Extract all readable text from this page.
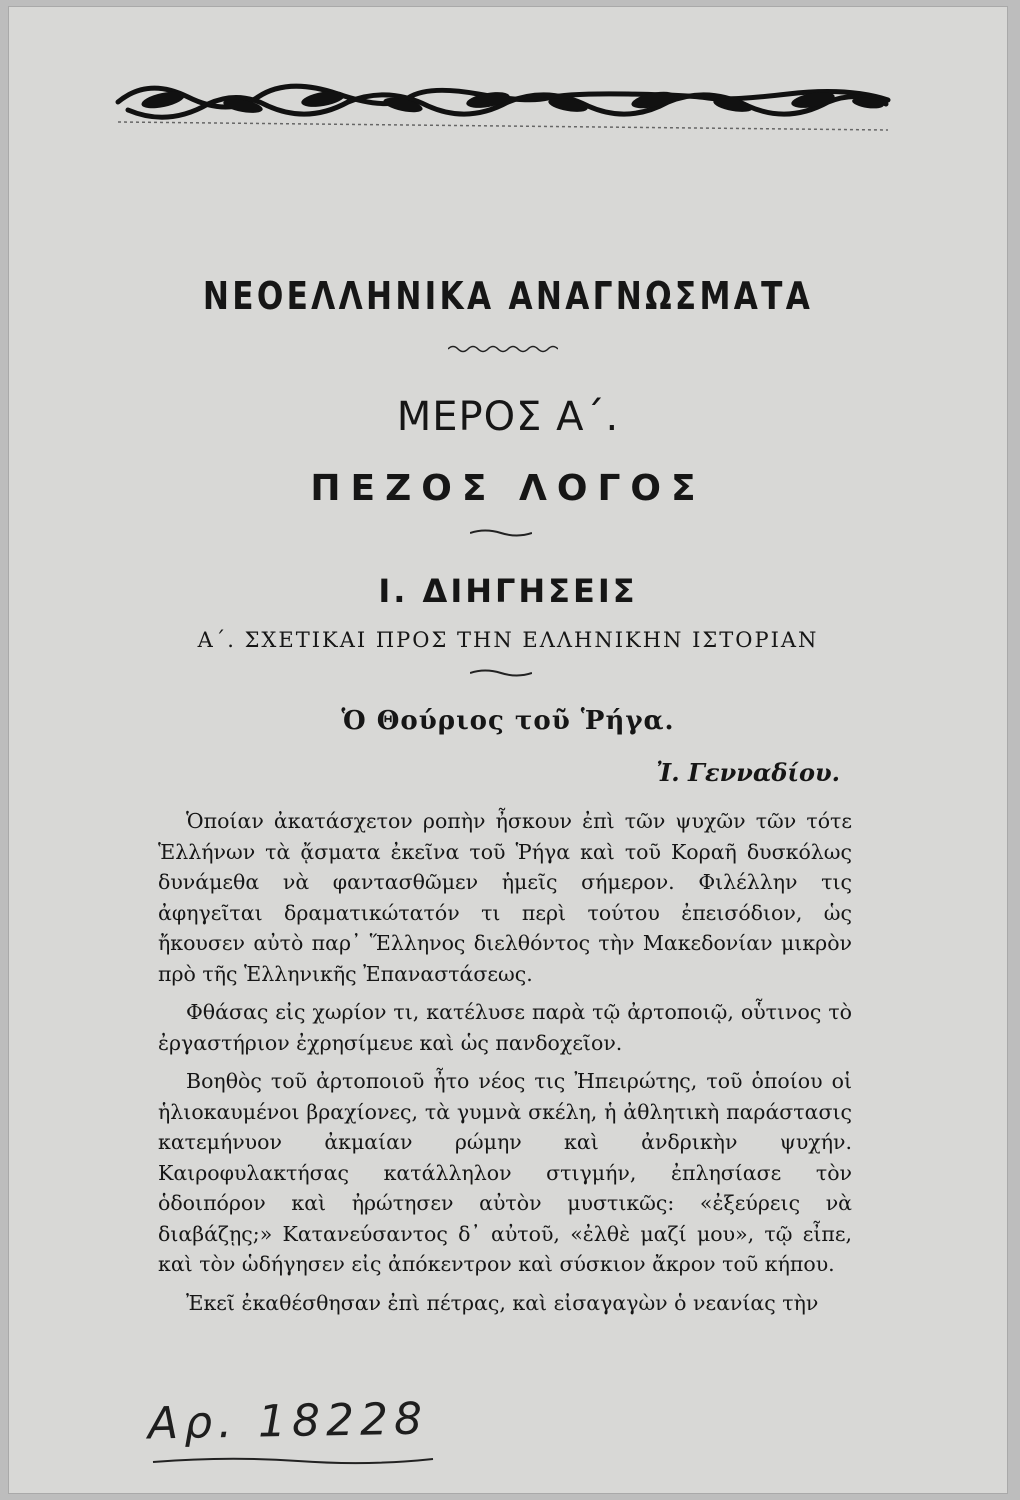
ΝΕΟΕΛΛΗΝΙΚΑ ΑΝΑΓΝΩΣΜΑΤΑ
ΜΕΡΟΣ Α΄.
ΠΕΖΟΣ ΛΟΓΟΣ
Ι. ΔΙΗΓΗΣΕΙΣ
Α΄. ΣΧΕΤΙΚΑΙ ΠΡΟΣ ΤΗΝ ΕΛΛΗΝΙΚΗΝ ΙΣΤΟΡΙΑΝ
Ὁ Θούριος τοῦ Ῥήγα.
Ἰ. Γενναδίου.

Ὁποίαν ἀκατάσχετον ροπὴν ἦσκουν ἐπὶ τῶν ψυχῶν τῶν τότε Ἑλλήνων τὰ ᾄσματα ἐκεῖνα τοῦ Ῥήγα καὶ τοῦ Κοραῆ δυσκόλως δυνάμεθα νὰ φαντασθῶμεν ἡμεῖς σήμερον. Φιλέλλην τις ἀφηγεῖται δραματικώτατόν τι περὶ τούτου ἐπεισόδιον, ὡς ἤκουσεν αὐτὸ παρ᾿ Ἕλληνος διελθόντος τὴν Μακεδονίαν μικρὸν πρὸ τῆς Ἑλληνικῆς Ἐπαναστάσεως.

Φθάσας εἰς χωρίον τι, κατέλυσε παρὰ τῷ ἀρτοποιῷ, οὗτινος τὸ ἐργαστήριον ἐχρησίμευε καὶ ὡς πανδοχεῖον.

Βοηθὸς τοῦ ἀρτοποιοῦ ἦτο νέος τις Ἠπειρώτης, τοῦ ὁποίου οἱ ἡλιοκαυμένοι βραχίονες, τὰ γυμνὰ σκέλη, ἡ ἀθλητικὴ παράστασις κατεμήνυον ἀκμαίαν ρώμην καὶ ἀνδρικὴν ψυχήν. Καιροφυλακτήσας κατάλληλον στιγμήν, ἐπλησίασε τὸν ὁδοιπόρον καὶ ἠρώτησεν αὐτὸν μυστικῶς: «ἐξεύρεις νὰ διαβάζῃς;» Κατανεύσαντος δ᾿ αὐτοῦ, «ἐλθὲ μαζί μου», τῷ εἶπε, καὶ τὸν ὡδήγησεν εἰς ἀπόκεντρον καὶ σύσκιον ἄκρον τοῦ κήπου.

Ἐκεῖ ἐκαθέσθησαν ἐπὶ πέτρας, καὶ εἰσαγαγὼν ὁ νεανίας τὴν

Αρ. 18228
